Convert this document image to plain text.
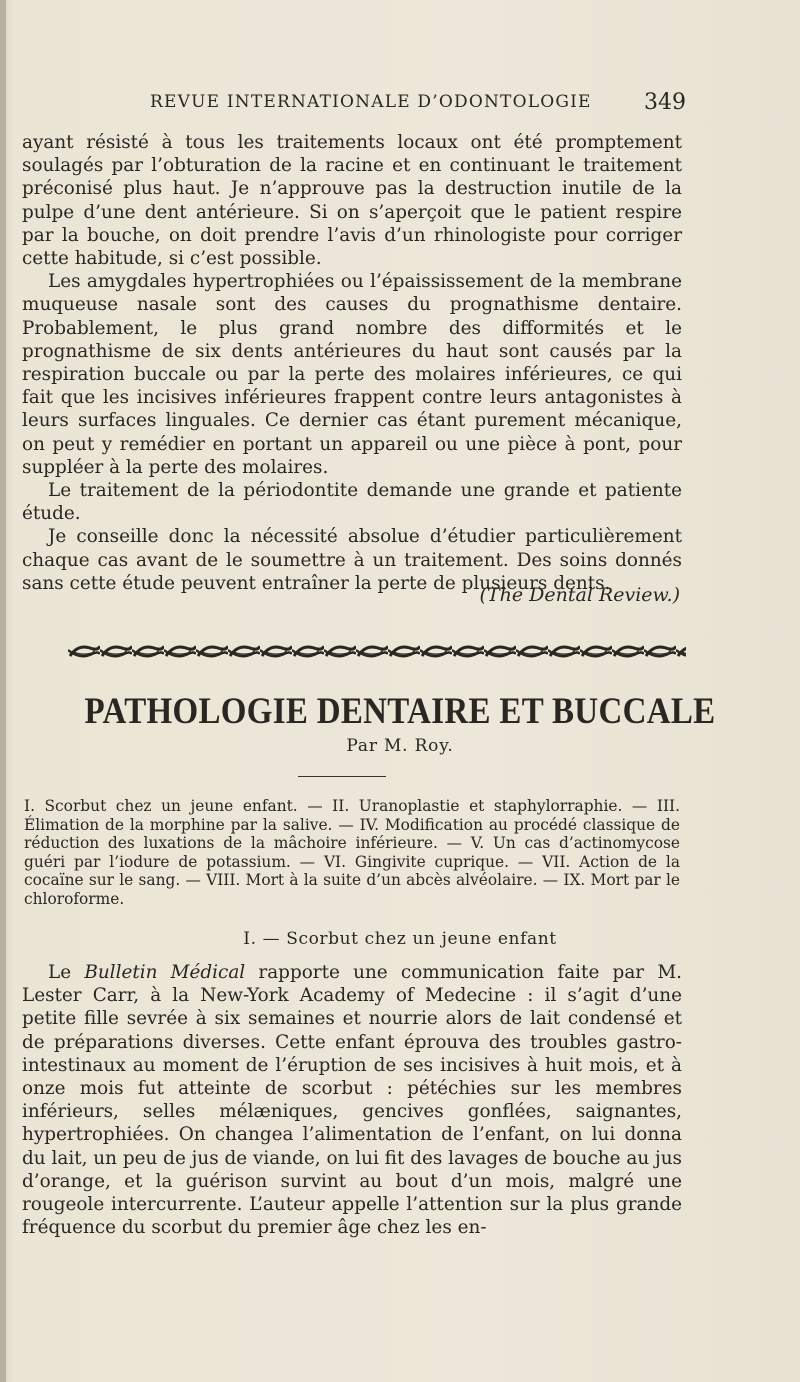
REVUE INTERNATIONALE D’ODONTOLOGIE 349

ayant résisté à tous les traitements locaux ont été promptement soulagés par l’obturation de la racine et en continuant le traitement préconisé plus haut. Je n’approuve pas la destruction inutile de la pulpe d’une dent antérieure. Si on s’aperçoit que le patient respire par la bouche, on doit prendre l’avis d’un rhinologiste pour corriger cette habitude, si c’est possible.

Les amygdales hypertrophiées ou l’épaississement de la membrane muqueuse nasale sont des causes du prognathisme dentaire. Probablement, le plus grand nombre des difformités et le prognathisme de six dents antérieures du haut sont causés par la respiration buccale ou par la perte des molaires inférieures, ce qui fait que les incisives inférieures frappent contre leurs antagonistes à leurs surfaces linguales. Ce dernier cas étant purement mécanique, on peut y remédier en portant un appareil ou une pièce à pont, pour suppléer à la perte des molaires.

Le traitement de la périodontite demande une grande et patiente étude.

Je conseille donc la nécessité absolue d’étudier particulièrement chaque cas avant de le soumettre à un traitement. Des soins donnés sans cette étude peuvent entraîner la perte de plusieurs dents.

(The Dental Review.)
PATHOLOGIE DENTAIRE ET BUCCALE
Par M. Roy.
I. Scorbut chez un jeune enfant. — II. Uranoplastie et staphylorraphie. — III. Élimation de la morphine par la salive. — IV. Modification au procédé classique de réduction des luxations de la mâchoire inférieure. — V. Un cas d’actinomycose guéri par l’iodure de potassium. — VI. Gingivite cuprique. — VII. Action de la cocaïne sur le sang. — VIII. Mort à la suite d’un abcès alvéolaire. — IX. Mort par le chloroforme.
I. — Scorbut chez un jeune enfant

Le Bulletin Médical rapporte une communication faite par M. Lester Carr, à la New-York Academy of Medecine : il s’agit d’une petite fille sevrée à six semaines et nourrie alors de lait condensé et de préparations diverses. Cette enfant éprouva des troubles gastro-intestinaux au moment de l’éruption de ses incisives à huit mois, et à onze mois fut atteinte de scorbut : pétéchies sur les membres inférieurs, selles mélæniques, gencives gonflées, saignantes, hypertrophiées. On changea l’alimentation de l’enfant, on lui donna du lait, un peu de jus de viande, on lui fit des lavages de bouche au jus d’orange, et la guérison survint au bout d’un mois, malgré une rougeole intercurrente. L’auteur appelle l’attention sur la plus grande fréquence du scorbut du premier âge chez les en-
